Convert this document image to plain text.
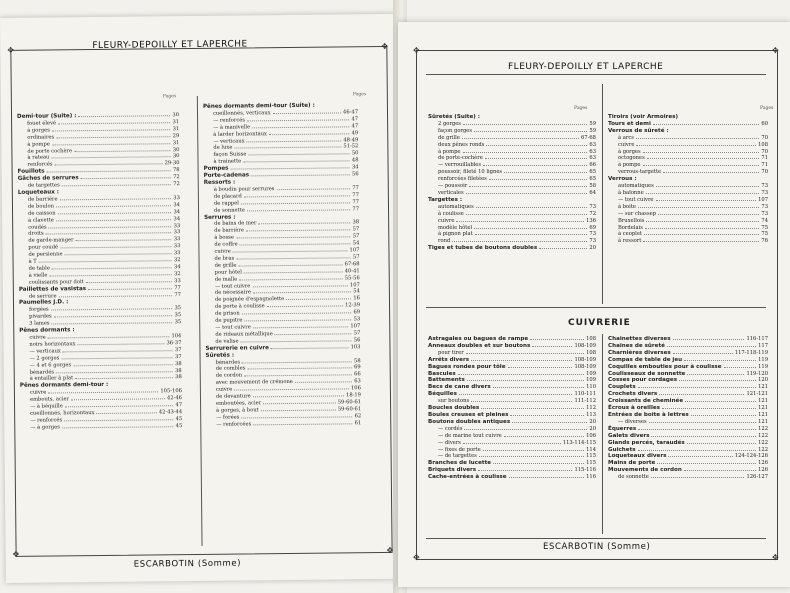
✥	✥
✥	✥
FLEURY-DEPOILLY ET LAPERCHE
Pages	Pages
Demi-tour (Suite) :	30
fouet élevé	31
à gorges	31
ordinaires	29
à pompe	31
de porte cochère	30
à rateau	30
renforcés	29-30
Fouillots	78
Gâches de serrures	72
de targettes	72
Loqueteaux :
de barrière	33
de boulon	34
de caisson	34
à clavette	34
coudés	33
droits	33
de garde-manger	33
pour coudé	33
de persienne	33
à T	32
de table	34
à vielle	32
coulissants pour doit	33
Paillettes de vasistas	77
de serrure	77
Paumelles J.D. :
forgées	35
pivardes	35
3 lames	35
Pênes dormants :
cuivre	104
noirs horizontaux	36-37
— verticaux	37
— 2 gorges	37
— 4 et 6 gorges	38
bénardés	38
à entailler à plat	38
Pênes dormants demi-tour :
cuivre	105-106
embouts, acier	42-46
— à béquille	47
cueillonnés, horizontaux	42-43-44
— renforcés	45
— à gorges	45
Pênes dormants demi-tour (Suite) :
cueillonnés, verticaux	46-47
— renforcés	47
— à manivelle	47
à larder horizontaux	49
— verticaux	48-49
de luxe	51-52
façon Suisse	50
à trainette	48
Pompes	34
Porte-cadenas	56
Ressorts :
à boudin pour serrures	77
de placard	77
de rappel	77
de sonnette	77
Serrures :
de bains de mer	38
de barrière	57
à bosse	57
de coffre	54
cuivre	107
de bras	57
de grille	67-68
pour hôtel	40-41
de malle	55-56
— tout cuivre	107
de nécessaire	54
de poignée d'espagnolette	16
de porte à coulisse	12-39
de prison	69
de pupitre	53
— tout cuivre	107
de rideaux métallique	57
de valise	56
Serrurerie en cuivre	103
Sûretés :
bénardes	58
de combles	69
de cordon	66
avec mouvement de crémone	63
cuivre	106
de devanture	18-19
emboutées, acier	59-60-61
à gorges, à bout	59-60-61
— forées	62
— renforcées	61
ESCARBOTIN (Somme)
✥	✥
✥	✥
FLEURY-DEPOILLY ET LAPERCHE
Pages	Pages
Sûretés (Suite) :
2 gorges	59
façon gorges	59
de grille	67-68
deux pênes ronds	63
à pompe	63
de porte-cochère	63
— verrouillables	66
poussoir, fileté 10 lignes	65
renforcées filetées	65
— poussoir	58
verticales	64
Targettes :
automatiques	73
à coulisse	72
cuivre	136
modèle hôtel	69
à pignon plat	73
rond	73
Tiges et tubes de boutons doubles	20
Tiroirs (voir Armoires)
Tours et demi	60
Verrous de sûreté :
à arcs	70
cuivre	108
à gorges	70
octogones	71
à pompe	71
verrous-targette	70
Verrous :
automatiques	73
à baïonne	73
— tout cuivre	107
à boite	73
— sur chassep	73
Bruxellois	74
Bordelais	75
à ceoplet	75
à ressort	76
CUIVRERIE
Astragales ou bagues de rampe	108
Anneaux doubles et sur boutons	108-109
pour tirer	108
Arrêts divers	108-109
Bagues rondes pour tôle	108-109
Bascules	109
Battements	109
Becs de cane divers	110
Béquilles	110-111
sur boutons	111-112
Boucles doubles	112
Boules creuses et pleines	113
Boutons doubles antiques	20
— cordés	20
— de marine tout cuivre	106
— divers	113-114-115
— fixes de porte	114
— de targettes	115
Branches de lucette	115
Briquets divers	115-116
Cache-entrées à coulisse	116
Chainettes diverses	116-117
Chaines de sûreté	117
Charnières diverses	117-118-119
Compas de table de jeu	119
Coquilles embouties pour à coulisse	119
Coulisseaux de sonnette	119-120
Cosses pour cordages	120
Couplets	121
Crochets divers	121-121
Croissants de cheminée	121
Écrous à oreilles	121
Entrées de boite à lettres	121
— diverses	121
Équerres	122
Galets divers	122
Glands percés, taraudés	122
Guichets	122
Loqueteaux divers	124-124-126
Mains de porte	126
Mouvements de cordon	126
de sonnette	126-127
ESCARBOTIN (Somme)
